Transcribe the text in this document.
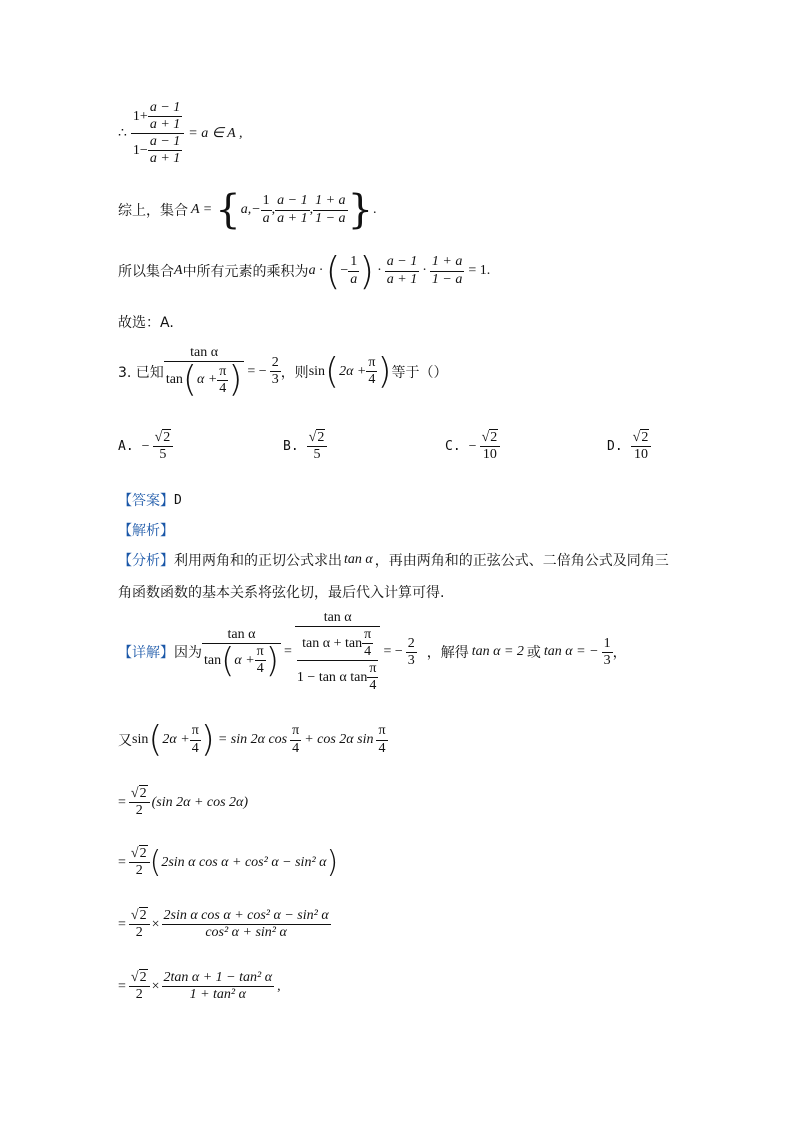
∴ $\frac{1+ \frac{a - 1}{a + 1}}{1- \frac{a - 1}{a + 1}} = a$ ∈ A ,
综上，集合 A = { $a,- \frac{1}{a}$ , $\frac{a - 1}{a + 1}$ , $\frac{1 + a}{1 - a}$ } .
所以集合 A 中所有元素的乘积为 a · ( − $\frac{1}{a}$ ) · $\frac{a - 1}{a + 1} \cdot \frac{1 + a}{1 - a} = 1$.
故选：A.
3. 已知 $\frac{\text{tan α}}{\tan ( \alpha + \frac{\pi}{4} )}$ = − $\frac{2}{3}$ ，则 sin ( $2\alpha + \frac{\pi}{4}$ ) 等于（）
A. − $\frac{√2}{5}$	B. $\frac{√2}{5}$	C. − $\frac{√2}{10}$	D. $\frac{√2}{10}$
【答案】 D
【解析】
【分析】 利用两角和的正切公式求出 tan α ，再由两角和的正弦公式、二倍角公式及同角三
角函数函数的基本关系将弦化切，最后代入计算可得.
【详解】 因为 $\frac{\text{tan α}}{\tan ( \alpha + \frac{\pi}{4} )} = \tan \alpha$
$\tan \alpha + \tan \frac{\pi}{4}$
1 − tan α $\tan \frac{\pi}{4}$ = − $\frac{2}{3}$ ，解得 tan α = 2 或 tan α = − $\frac{1}{3}$ ，
又 sin ( $2\alpha + \frac{\pi}{4}$ ) = sin 2α $\cos \frac{\pi}{4} + \cos 2\alpha$ $\sin \frac{\pi}{4}$
= $\frac{√2}{2} (\sin$ 2α + cos 2α)
= $\frac{√2}{2}$ ( 2sin α cos α + cos² α − sin² α )
= $\frac{√2}{2} \times \frac{\text{2sin α cos α + cos² α − sin² α}}{\text{cos² α + sin² α}}$
= $\frac{√2}{2} \times \frac{\text{2tan α + 1 − tan² α}}{\text{1 + tan² α}}$ ,
